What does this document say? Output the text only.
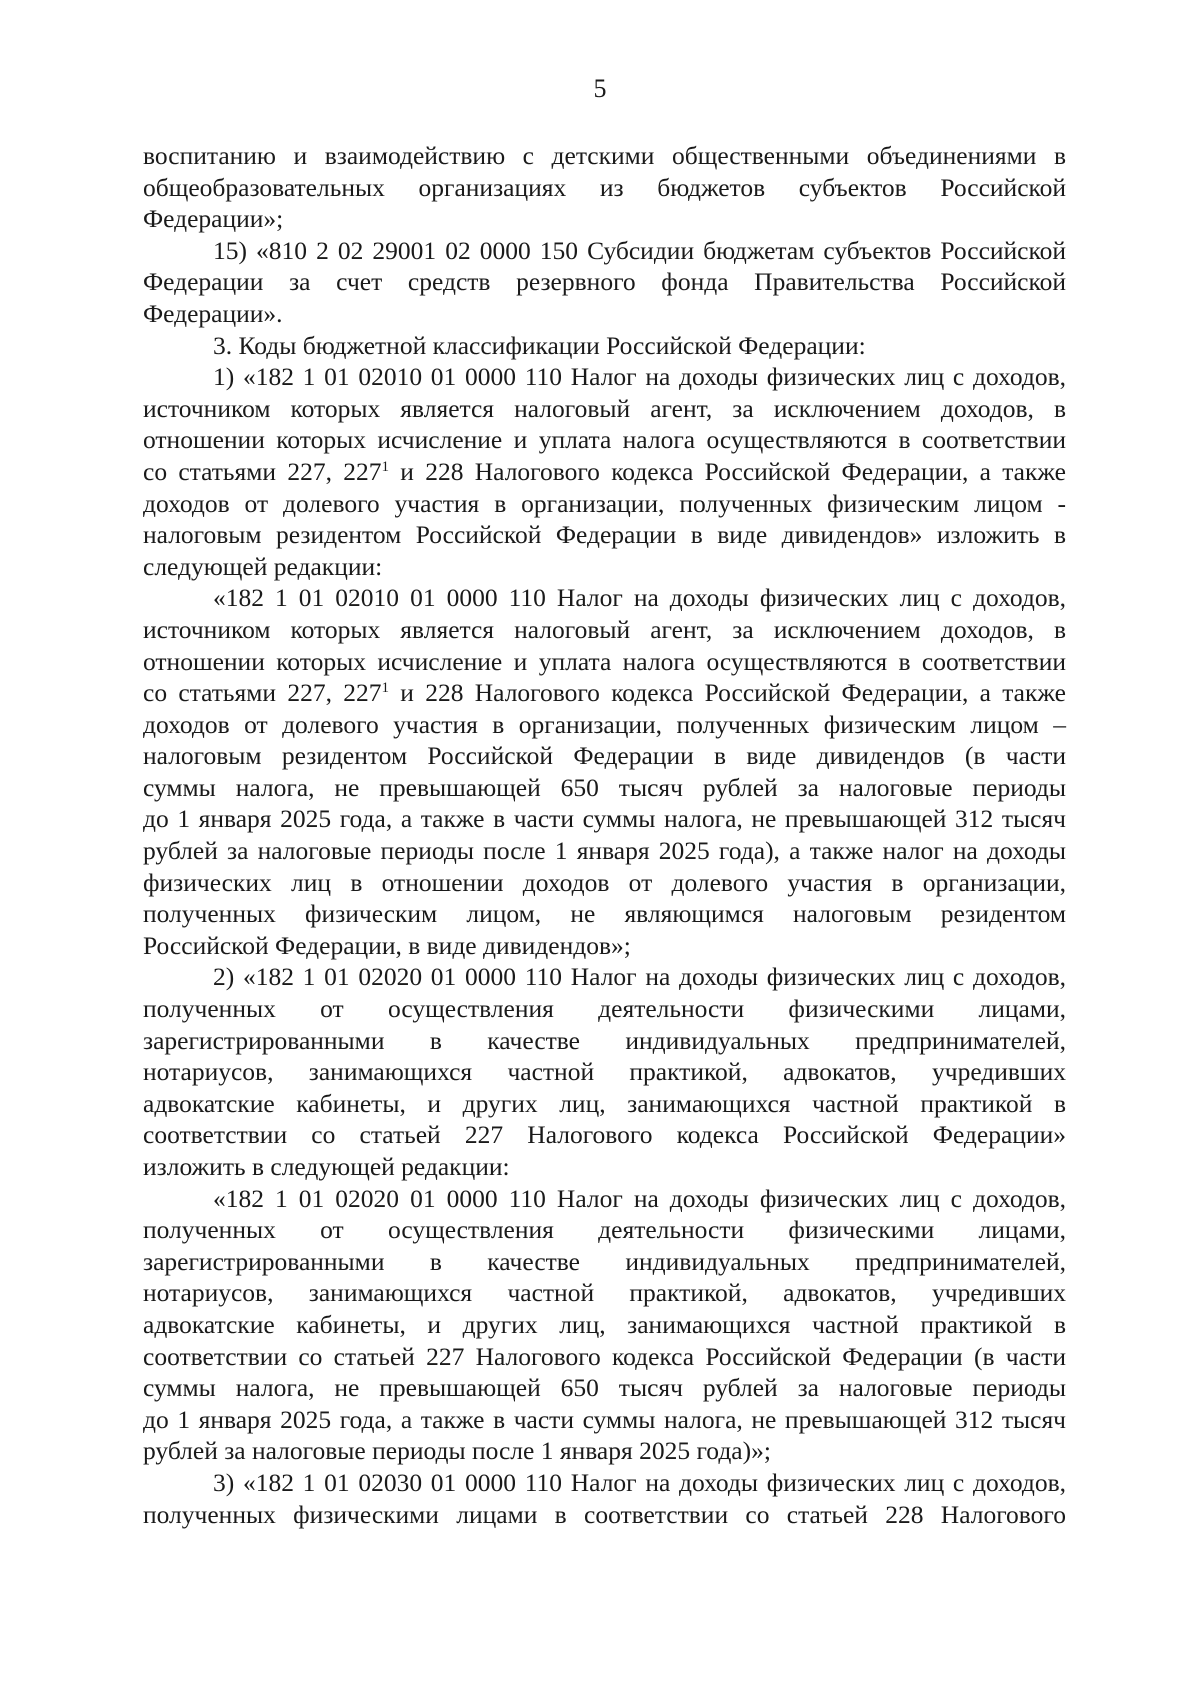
5
воспитанию и взаимодействию с детскими общественными объединениями в
общеобразовательных организациях из бюджетов субъектов Российской
Федерации»;
15) «810 2 02 29001 02 0000 150 Субсидии бюджетам субъектов Российской
Федерации за счет средств резервного фонда Правительства Российской
Федерации».
3. Коды бюджетной классификации Российской Федерации:
1) «182 1 01 02010 01 0000 110 Налог на доходы физических лиц с доходов,
источником которых является налоговый агент, за исключением доходов, в
отношении которых исчисление и уплата налога осуществляются в соответствии
со статьями 227, $227^1$ и 228 Налогового кодекса Российской Федерации, а также
доходов от долевого участия в организации, полученных физическим лицом -
налоговым резидентом Российской Федерации в виде дивидендов» изложить в
следующей редакции:
«182 1 01 02010 01 0000 110 Налог на доходы физических лиц с доходов,
источником которых является налоговый агент, за исключением доходов, в
отношении которых исчисление и уплата налога осуществляются в соответствии
со статьями 227, $227^1$ и 228 Налогового кодекса Российской Федерации, а также
доходов от долевого участия в организации, полученных физическим лицом –
налоговым резидентом Российской Федерации в виде дивидендов (в части
суммы налога, не превышающей 650 тысяч рублей за налоговые периоды
до 1 января 2025 года, а также в части суммы налога, не превышающей 312 тысяч
рублей за налоговые периоды после 1 января 2025 года), а также налог на доходы
физических лиц в отношении доходов от долевого участия в организации,
полученных физическим лицом, не являющимся налоговым резидентом
Российской Федерации, в виде дивидендов»;
2) «182 1 01 02020 01 0000 110 Налог на доходы физических лиц с доходов,
полученных от осуществления деятельности физическими лицами,
зарегистрированными в качестве индивидуальных предпринимателей,
нотариусов, занимающихся частной практикой, адвокатов, учредивших
адвокатские кабинеты, и других лиц, занимающихся частной практикой в
соответствии со статьей 227 Налогового кодекса Российской Федерации»
изложить в следующей редакции:
«182 1 01 02020 01 0000 110 Налог на доходы физических лиц с доходов,
полученных от осуществления деятельности физическими лицами,
зарегистрированными в качестве индивидуальных предпринимателей,
нотариусов, занимающихся частной практикой, адвокатов, учредивших
адвокатские кабинеты, и других лиц, занимающихся частной практикой в
соответствии со статьей 227 Налогового кодекса Российской Федерации (в части
суммы налога, не превышающей 650 тысяч рублей за налоговые периоды
до 1 января 2025 года, а также в части суммы налога, не превышающей 312 тысяч
рублей за налоговые периоды после 1 января 2025 года)»;
3) «182 1 01 02030 01 0000 110 Налог на доходы физических лиц с доходов,
полученных физическими лицами в соответствии со статьей 228 Налогового
